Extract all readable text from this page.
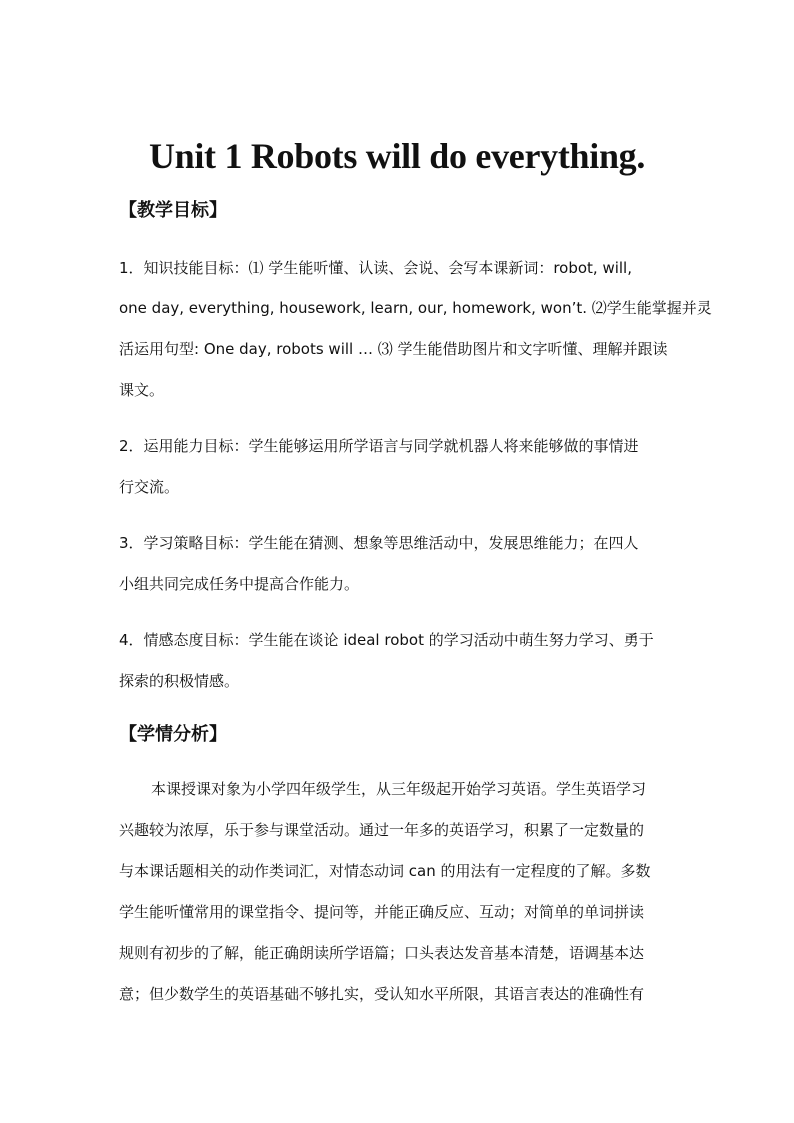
Unit 1 Robots will do everything.
【教学目标】
1．知识技能目标：⑴ 学生能听懂、认读、会说、会写本课新词：robot, will,
one day, everything, housework, learn, our, homework, won’t. ⑵学生能掌握并灵
活运用句型: One day, robots will … ⑶ 学生能借助图片和文字听懂、理解并跟读
课文。
2．运用能力目标：学生能够运用所学语言与同学就机器人将来能够做的事情进
行交流。
3．学习策略目标：学生能在猜测、想象等思维活动中，发展思维能力；在四人
小组共同完成任务中提高合作能力。
4．情感态度目标：学生能在谈论 ideal robot 的学习活动中萌生努力学习、勇于
探索的积极情感。
【学情分析】
本课授课对象为小学四年级学生，从三年级起开始学习英语。学生英语学习
兴趣较为浓厚，乐于参与课堂活动。通过一年多的英语学习，积累了一定数量的
与本课话题相关的动作类词汇，对情态动词 can 的用法有一定程度的了解。多数
学生能听懂常用的课堂指令、提问等，并能正确反应、互动；对简单的单词拼读
规则有初步的了解，能正确朗读所学语篇；口头表达发音基本清楚，语调基本达
意；但少数学生的英语基础不够扎实，受认知水平所限，其语言表达的准确性有
